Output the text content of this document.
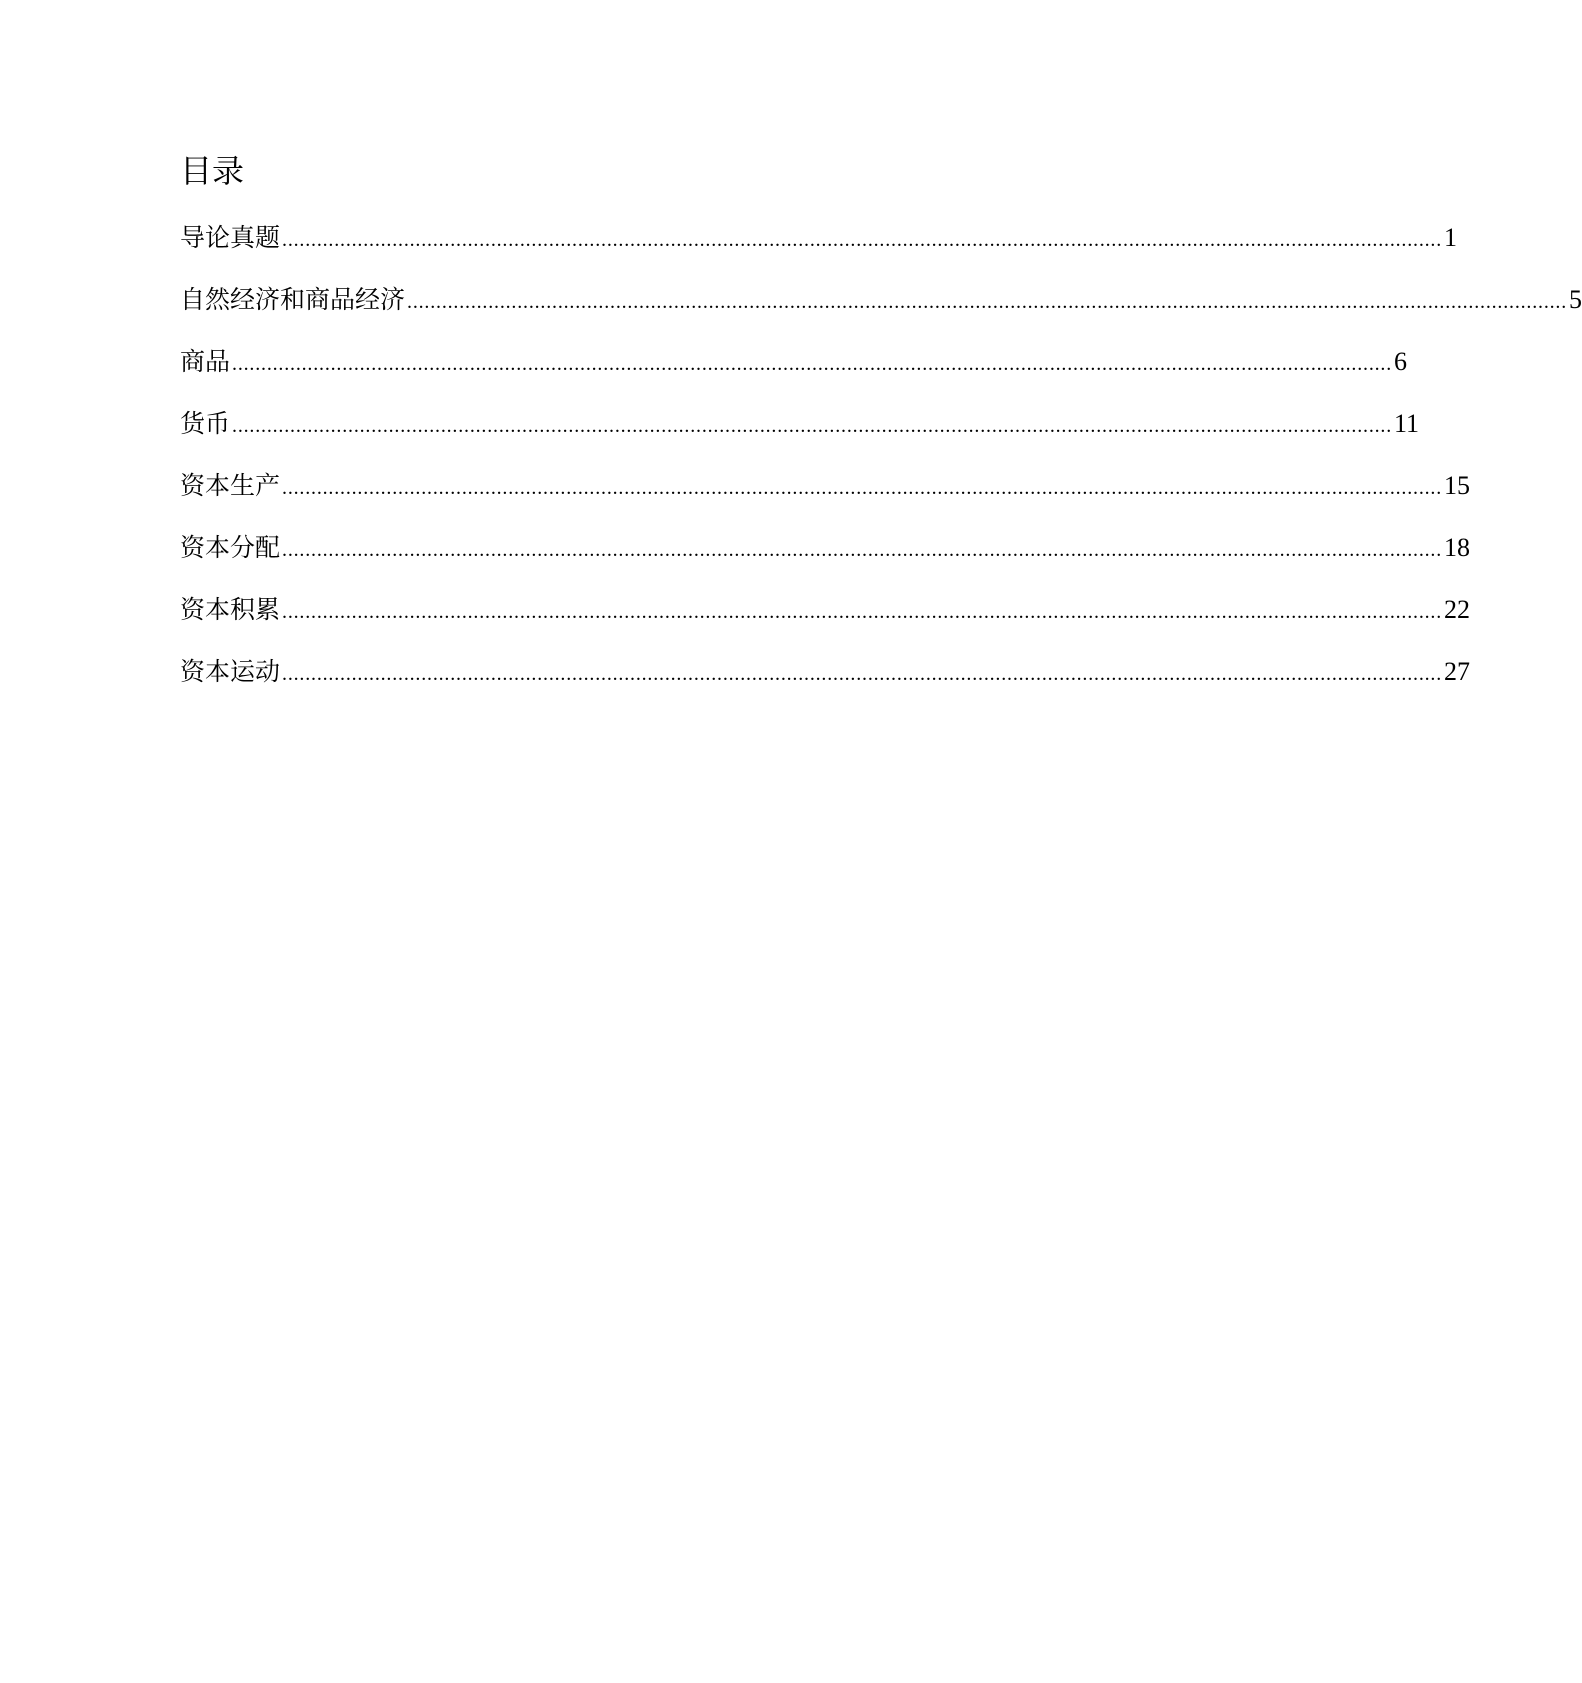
目录
导论真题 ........................................................................................................................................................................................................ 1
自然经济和商品经济 ........................................................................................................................................................................................................ 5
商品 ........................................................................................................................................................................................................ 6
货币 ........................................................................................................................................................................................................ 11
资本生产 ........................................................................................................................................................................................................ 15
资本分配 ........................................................................................................................................................................................................ 18
资本积累 ........................................................................................................................................................................................................ 22
资本运动 ........................................................................................................................................................................................................ 27
